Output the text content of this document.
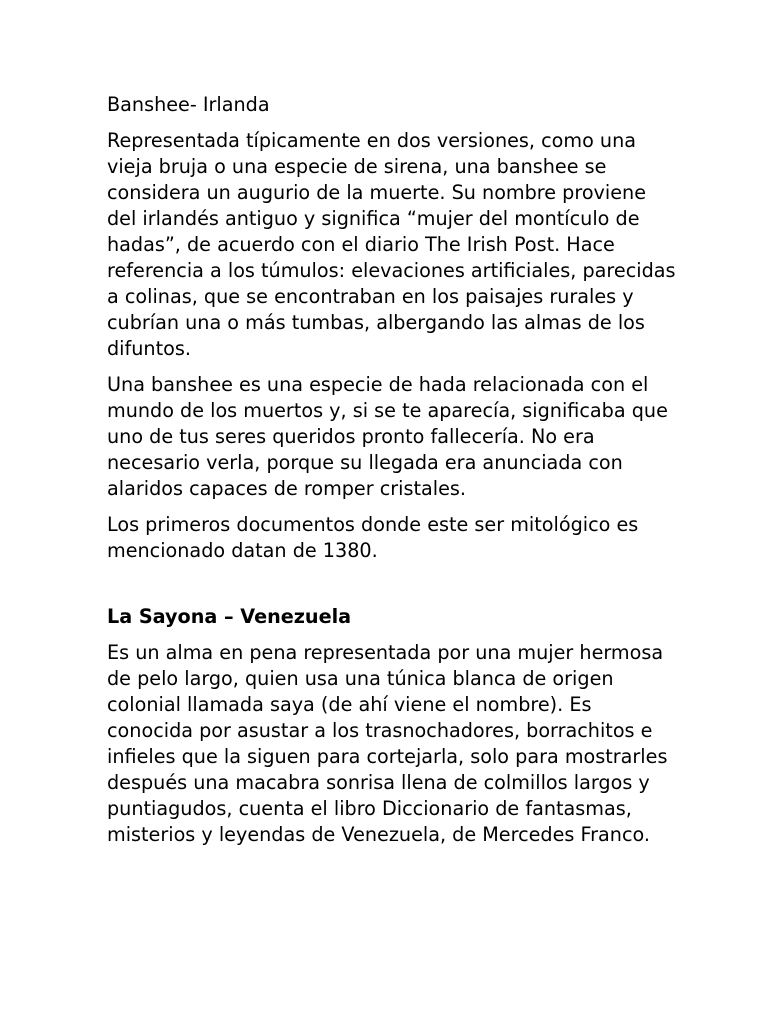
Banshee- Irlanda

Representada típicamente en dos versiones, como una vieja bruja o una especie de sirena, una banshee se considera un augurio de la muerte. Su nombre proviene del irlandés antiguo y significa “mujer del montículo de hadas”, de acuerdo con el diario The Irish Post. Hace referencia a los túmulos: elevaciones artificiales, parecidas a colinas, que se encontraban en los paisajes rurales y cubrían una o más tumbas, albergando las almas de los difuntos.

Una banshee es una especie de hada relacionada con el mundo de los muertos y, si se te aparecía, significaba que uno de tus seres queridos pronto fallecería. No era necesario verla, porque su llegada era anunciada con alaridos capaces de romper cristales.

Los primeros documentos donde este ser mitológico es mencionado datan de 1380.

La Sayona – Venezuela

Es un alma en pena representada por una mujer hermosa de pelo largo, quien usa una túnica blanca de origen colonial llamada saya (de ahí viene el nombre). Es conocida por asustar a los trasnochadores, borrachitos e infieles que la siguen para cortejarla, solo para mostrarles después una macabra sonrisa llena de colmillos largos y puntiagudos, cuenta el libro Diccionario de fantasmas, misterios y leyendas de Venezuela, de Mercedes Franco.
